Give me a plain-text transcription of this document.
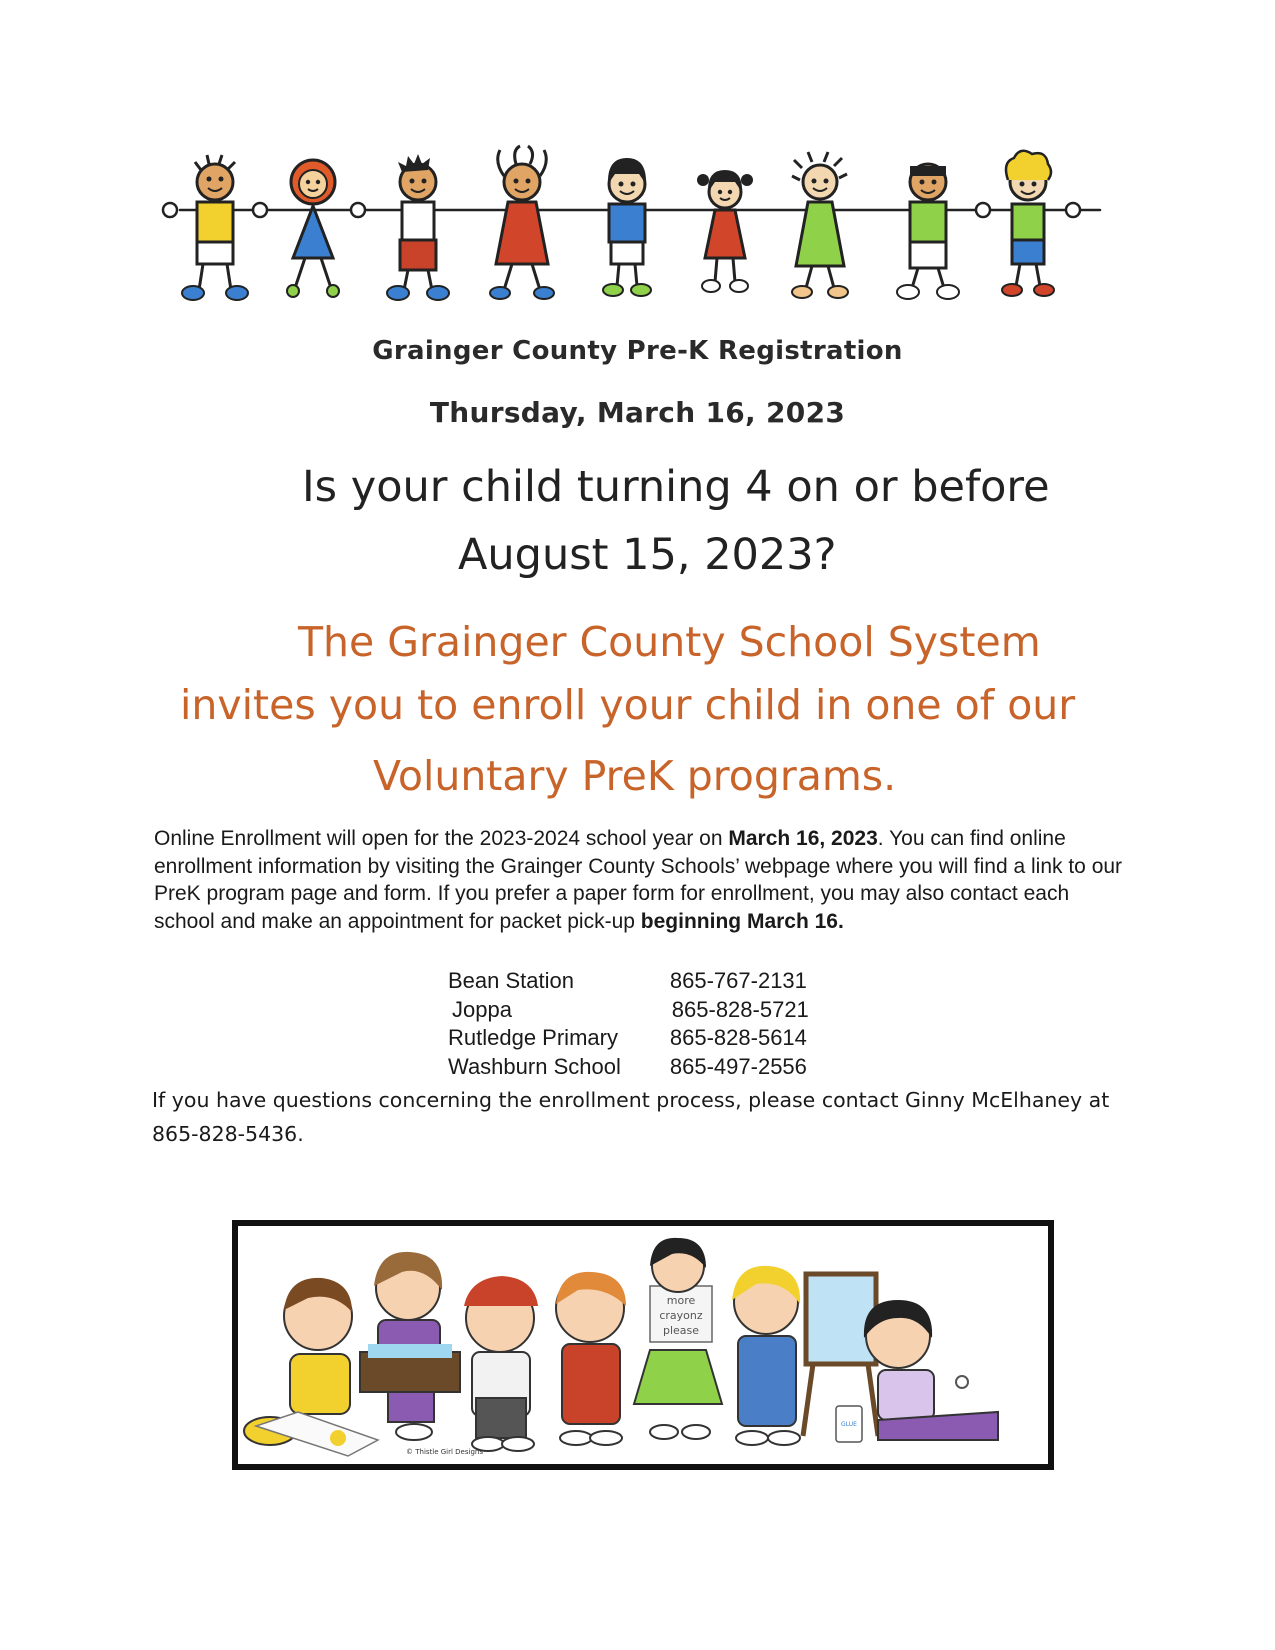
Grainger County Pre-K Registration
Thursday, March 16, 2023
Is your child turning 4 on or before
August 15, 2023?
The Grainger County School System
invites you to enroll your child in one of our
Voluntary PreK programs.
Online Enrollment will open for the 2023-2024 school year on March 16, 2023. You can find online enrollment information by visiting the Grainger County Schools’ webpage where you will find a link to our PreK program page and form. If you prefer a paper form for enrollment, you may also contact each school and make an appointment for packet pick-up beginning March 16.
Bean Station	865-767-2131
Joppa	865-828-5721
Rutledge Primary	865-828-5614
Washburn School	865-497-2556
If you have questions concerning the enrollment process, please contact Ginny McElhaney at 865-828-5436.
more
crayonz
please
GLUE
© Thistle Girl Designs
